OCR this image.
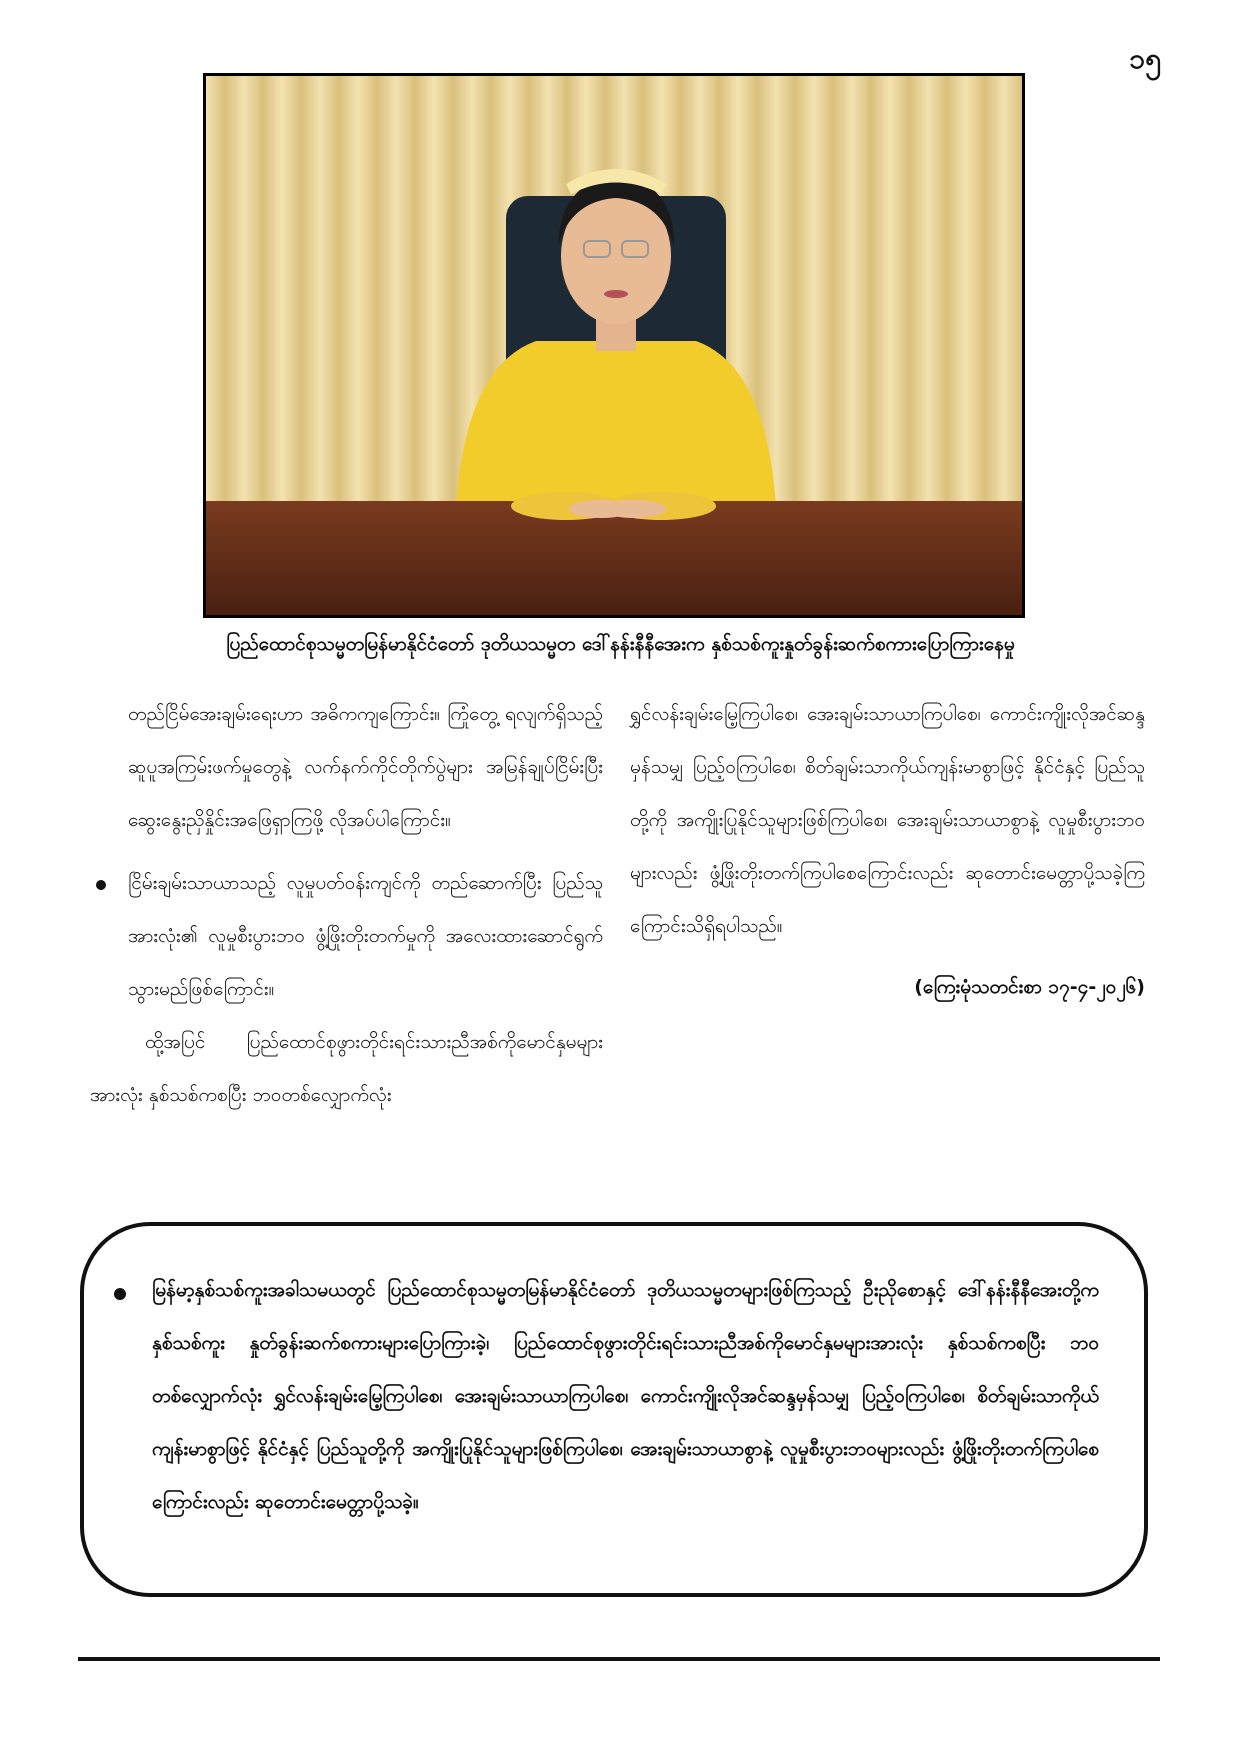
၁၅
ပြည်ထောင်စုသမ္မတမြန်မာနိုင်ငံတော် ဒုတိယသမ္မတ ဒေါ်နန်းနီနီအေးက နှစ်သစ်ကူးနှုတ်ခွန်းဆက်စကားပြောကြားနေမှု

တည်ငြိမ်အေးချမ်းရေးဟာ အဓိကကျကြောင်း။ ကြုံတွေ့ ရလျက်ရှိသည့် ဆူပူအကြမ်းဖက်မှုတွေနဲ့ လက်နက်ကိုင်တိုက်ပွဲများ အမြန်ချုပ်ငြိမ်းပြီး ဆွေးနွေးညှိနှိုင်းအဖြေရှာကြဖို့ လိုအပ်ပါကြောင်း။

ငြိမ်းချမ်းသာယာသည့် လူမှုပတ်ဝန်းကျင်ကို တည်ဆောက်ပြီး ပြည်သူအားလုံး၏ လူမှုစီးပွားဘဝ ဖွံ့ဖြိုးတိုးတက်မှုကို အလေးထားဆောင်ရွက်သွားမည်ဖြစ်ကြောင်း။

ထို့အပြင် ပြည်ထောင်စုဖွားတိုင်းရင်းသားညီအစ်ကိုမောင်နှမများအားလုံး နှစ်သစ်ကစပြီး ဘဝတစ်လျှောက်လုံး

ရွှင်လန်းချမ်းမြေ့ကြပါစေ၊ အေးချမ်းသာယာကြပါစေ၊ ကောင်းကျိုးလိုအင်ဆန္ဒမှန်သမျှ ပြည့်ဝကြပါစေ၊ စိတ်ချမ်းသာကိုယ်ကျန်းမာစွာဖြင့် နိုင်ငံနှင့် ပြည်သူတို့ကို အကျိုးပြုနိုင်သူများဖြစ်ကြပါစေ၊ အေးချမ်းသာယာစွာနဲ့ လူမှုစီးပွားဘဝများလည်း ဖွံ့ဖြိုးတိုးတက်ကြပါစေကြောင်းလည်း ဆုတောင်းမေတ္တာပို့သခဲ့ကြကြောင်းသိရှိရပါသည်။

(ကြေးမုံသတင်းစာ ၁၇-၄-၂၀၂၆)

မြန်မာ့နှစ်သစ်ကူးအခါသမယတွင် ပြည်ထောင်စုသမ္မတမြန်မာနိုင်ငံတော် ဒုတိယသမ္မတများဖြစ်ကြသည့် ဦးညိုစောနှင့် ဒေါ်နန်းနီနီအေးတို့က နှစ်သစ်ကူး နှုတ်ခွန်းဆက်စကားများပြောကြားခဲ့၊ ပြည်ထောင်စုဖွားတိုင်းရင်းသားညီအစ်ကိုမောင်နှမများအားလုံး နှစ်သစ်ကစပြီး ဘဝတစ်လျှောက်လုံး ရွှင်လန်းချမ်းမြေ့ကြပါစေ၊ အေးချမ်းသာယာကြပါစေ၊ ကောင်းကျိုးလိုအင်ဆန္ဒမှန်သမျှ ပြည့်ဝကြပါစေ၊ စိတ်ချမ်းသာကိုယ်ကျန်းမာစွာဖြင့် နိုင်ငံနှင့် ပြည်သူတို့ကို အကျိုးပြုနိုင်သူများဖြစ်ကြပါစေ၊ အေးချမ်းသာယာစွာနဲ့ လူမှုစီးပွားဘဝများလည်း ဖွံ့ဖြိုးတိုးတက်ကြပါစေကြောင်းလည်း ဆုတောင်းမေတ္တာပို့သခဲ့။
